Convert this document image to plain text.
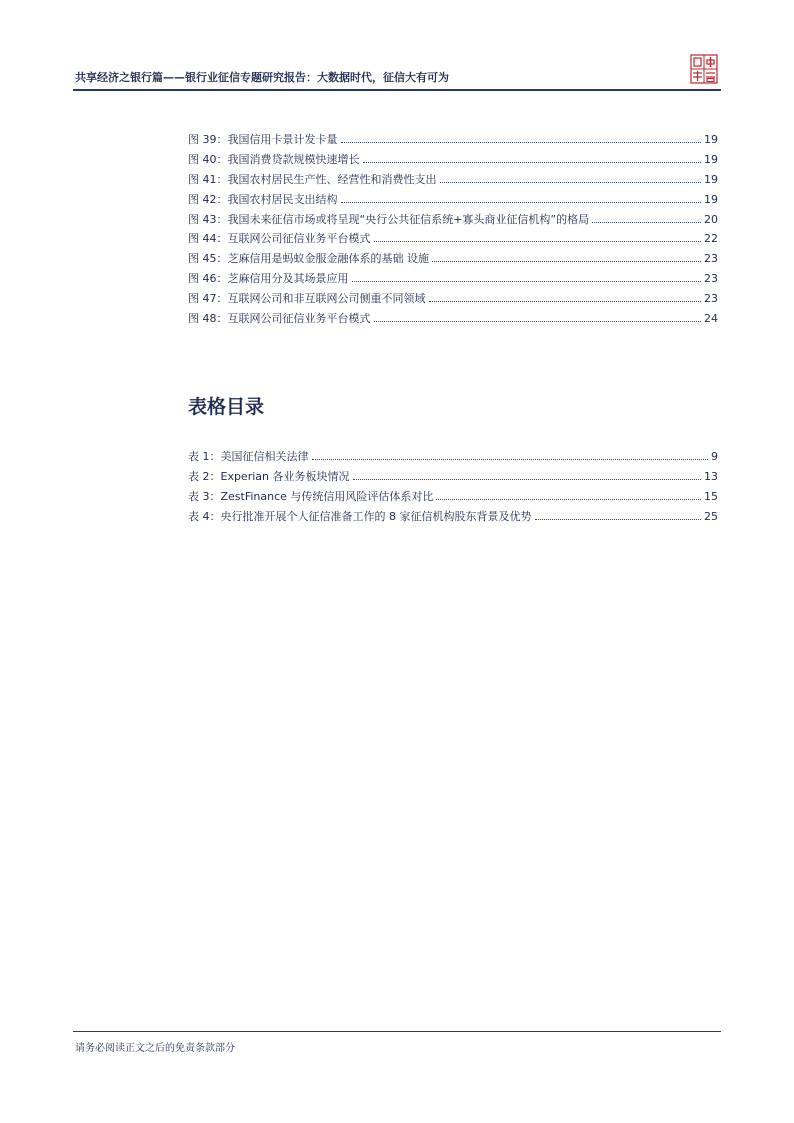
共享经济之银行篇——银行业征信专题研究报告：大数据时代，征信大有可为
图 39：我国信用卡景计发卡量	19
图 40：我国消费贷款规模快速增长	19
图 41：我国农村居民生产性、经营性和消费性支出	19
图 42：我国农村居民支出结构	19
图 43：我国未来征信市场或将呈现“央行公共征信系统+寡头商业征信机构”的格局	20
图 44：互联网公司征信业务平台模式	22
图 45：芝麻信用是蚂蚁金服金融体系的基础 设施	23
图 46：芝麻信用分及其场景应用	23
图 47：互联网公司和非互联网公司侧重不同领域	23
图 48：互联网公司征信业务平台模式	24
表格目录
表 1：美国征信相关法律	9
表 2：Experian 各业务板块情况	13
表 3：ZestFinance 与传统信用风险评估体系对比	15
表 4：央行批准开展个人征信准备工作的 8 家征信机构股东背景及优势	25
请务必阅读正文之后的免责条款部分
